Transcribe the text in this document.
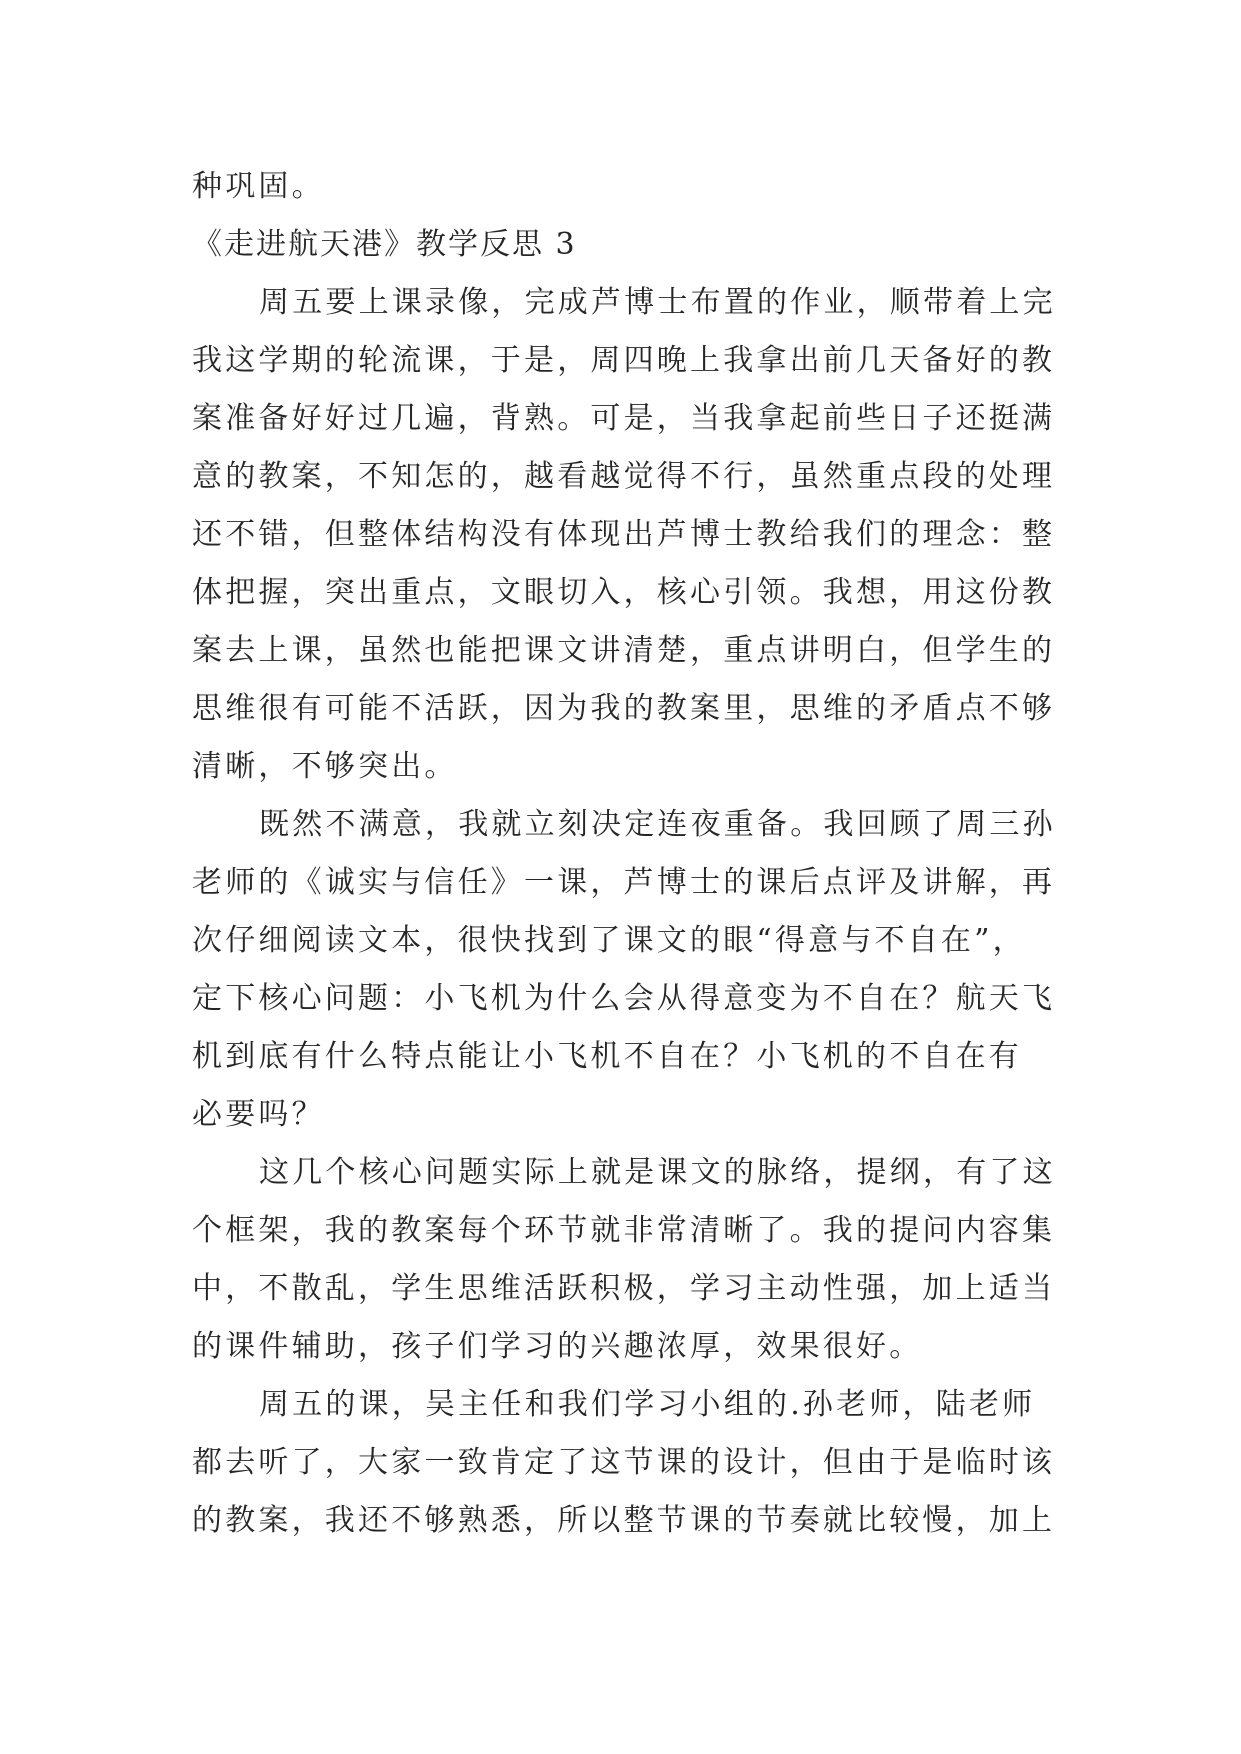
种巩固。
《走进航天港》教学反思 3
周五要上课录像，完成芦博士布置的作业，顺带着上完
我这学期的轮流课，于是，周四晚上我拿出前几天备好的教
案准备好好过几遍，背熟。可是，当我拿起前些日子还挺满
意的教案，不知怎的，越看越觉得不行，虽然重点段的处理
还不错，但整体结构没有体现出芦博士教给我们的理念：整
体把握，突出重点，文眼切入，核心引领。我想，用这份教
案去上课，虽然也能把课文讲清楚，重点讲明白，但学生的
思维很有可能不活跃，因为我的教案里，思维的矛盾点不够
清晰，不够突出。
既然不满意，我就立刻决定连夜重备。我回顾了周三孙
老师的《诚实与信任》一课，芦博士的课后点评及讲解，再
次仔细阅读文本，很快找到了课文的眼“得意与不自在”，
定下核心问题：小飞机为什么会从得意变为不自在？航天飞
机到底有什么特点能让小飞机不自在？小飞机的不自在有
必要吗？
这几个核心问题实际上就是课文的脉络，提纲，有了这
个框架，我的教案每个环节就非常清晰了。我的提问内容集
中，不散乱，学生思维活跃积极，学习主动性强，加上适当
的课件辅助，孩子们学习的兴趣浓厚，效果很好。
周五的课，吴主任和我们学习小组的.孙老师，陆老师
都去听了，大家一致肯定了这节课的设计，但由于是临时该
的教案，我还不够熟悉，所以整节课的节奏就比较慢，加上
